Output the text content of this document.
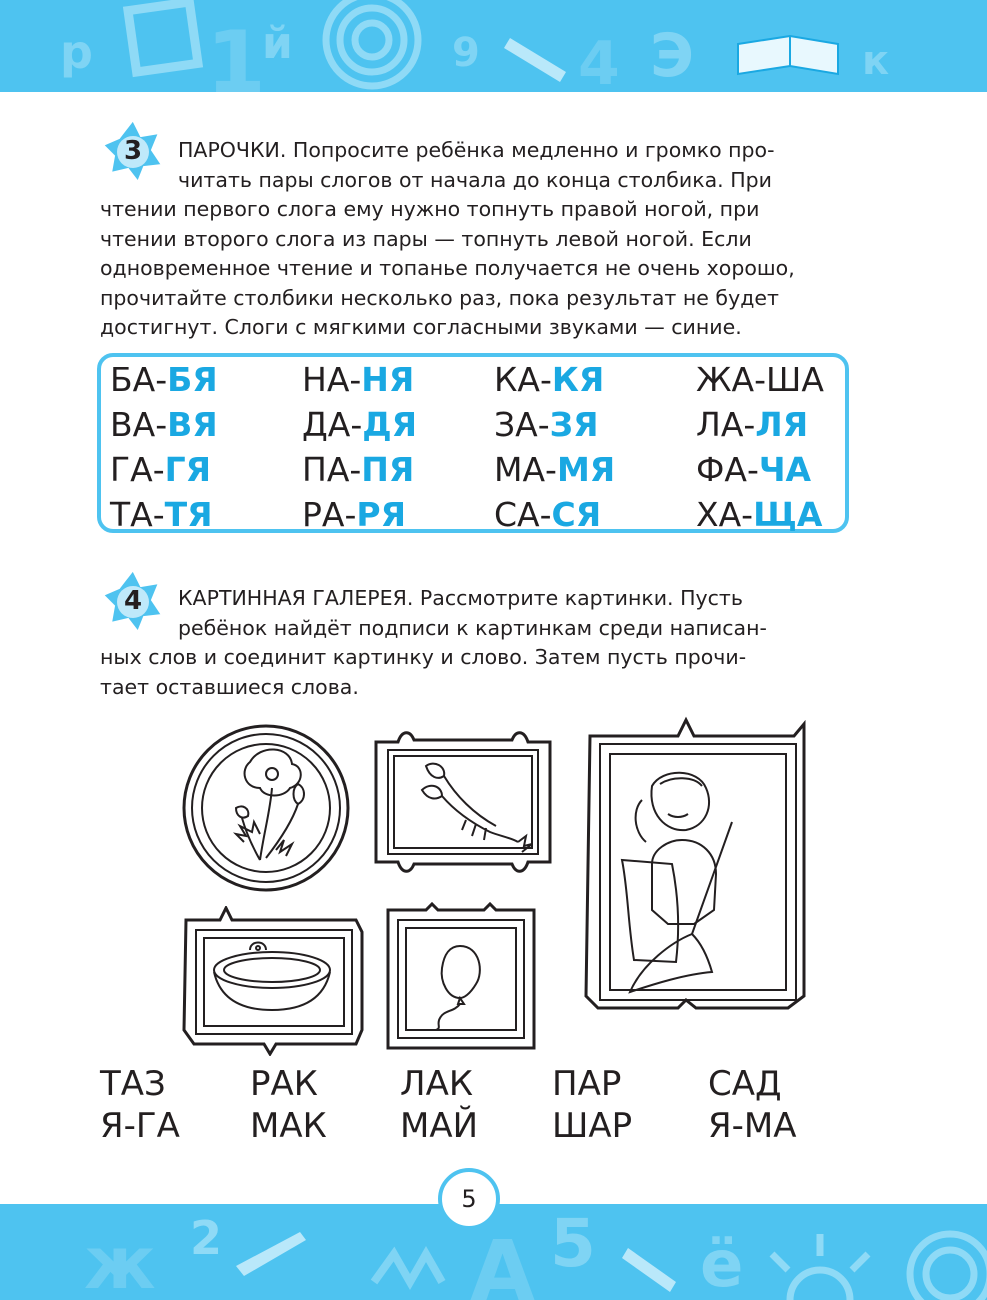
р 1
й	9 4 Э	к
3	ПАРОЧКИ. Попросите ребёнка медленно и громко про-
читать пары слогов от начала до конца столбика. При
чтении первого слога ему нужно топнуть правой ногой, при
чтении второго слога из пары — топнуть левой ногой. Если
одновременное чтение и топанье получается не очень хорошо,
прочитайте столбики несколько раз, пока результат не будет
достигнут. Слоги с мягкими согласными звуками — синие.
БА-БЯ	НА-НЯ КА-КЯ	ЖА-ША
ВА-ВЯ	ДА-ДЯ ЗА-ЗЯ	ЛА-ЛЯ
ГА-ГЯ	ПА-ПЯ МА-МЯ ФА-ЧА
ТА-ТЯ	РА-РЯ	СА-СЯ	ХА-ЩА
4	КАРТИННАЯ ГАЛЕРЕЯ. Рассмотрите картинки. Пусть
ребёнок найдёт подписи к картинкам среди написан-
ных слов и соединит картинку и слово. Затем пусть прочи-
тает оставшиеся слова.
ТАЗ РАК ЛАК ПАР	САД
Я-ГА МАК МАЙ ШАР Я-МА
ж 2	А 5 ё
5
